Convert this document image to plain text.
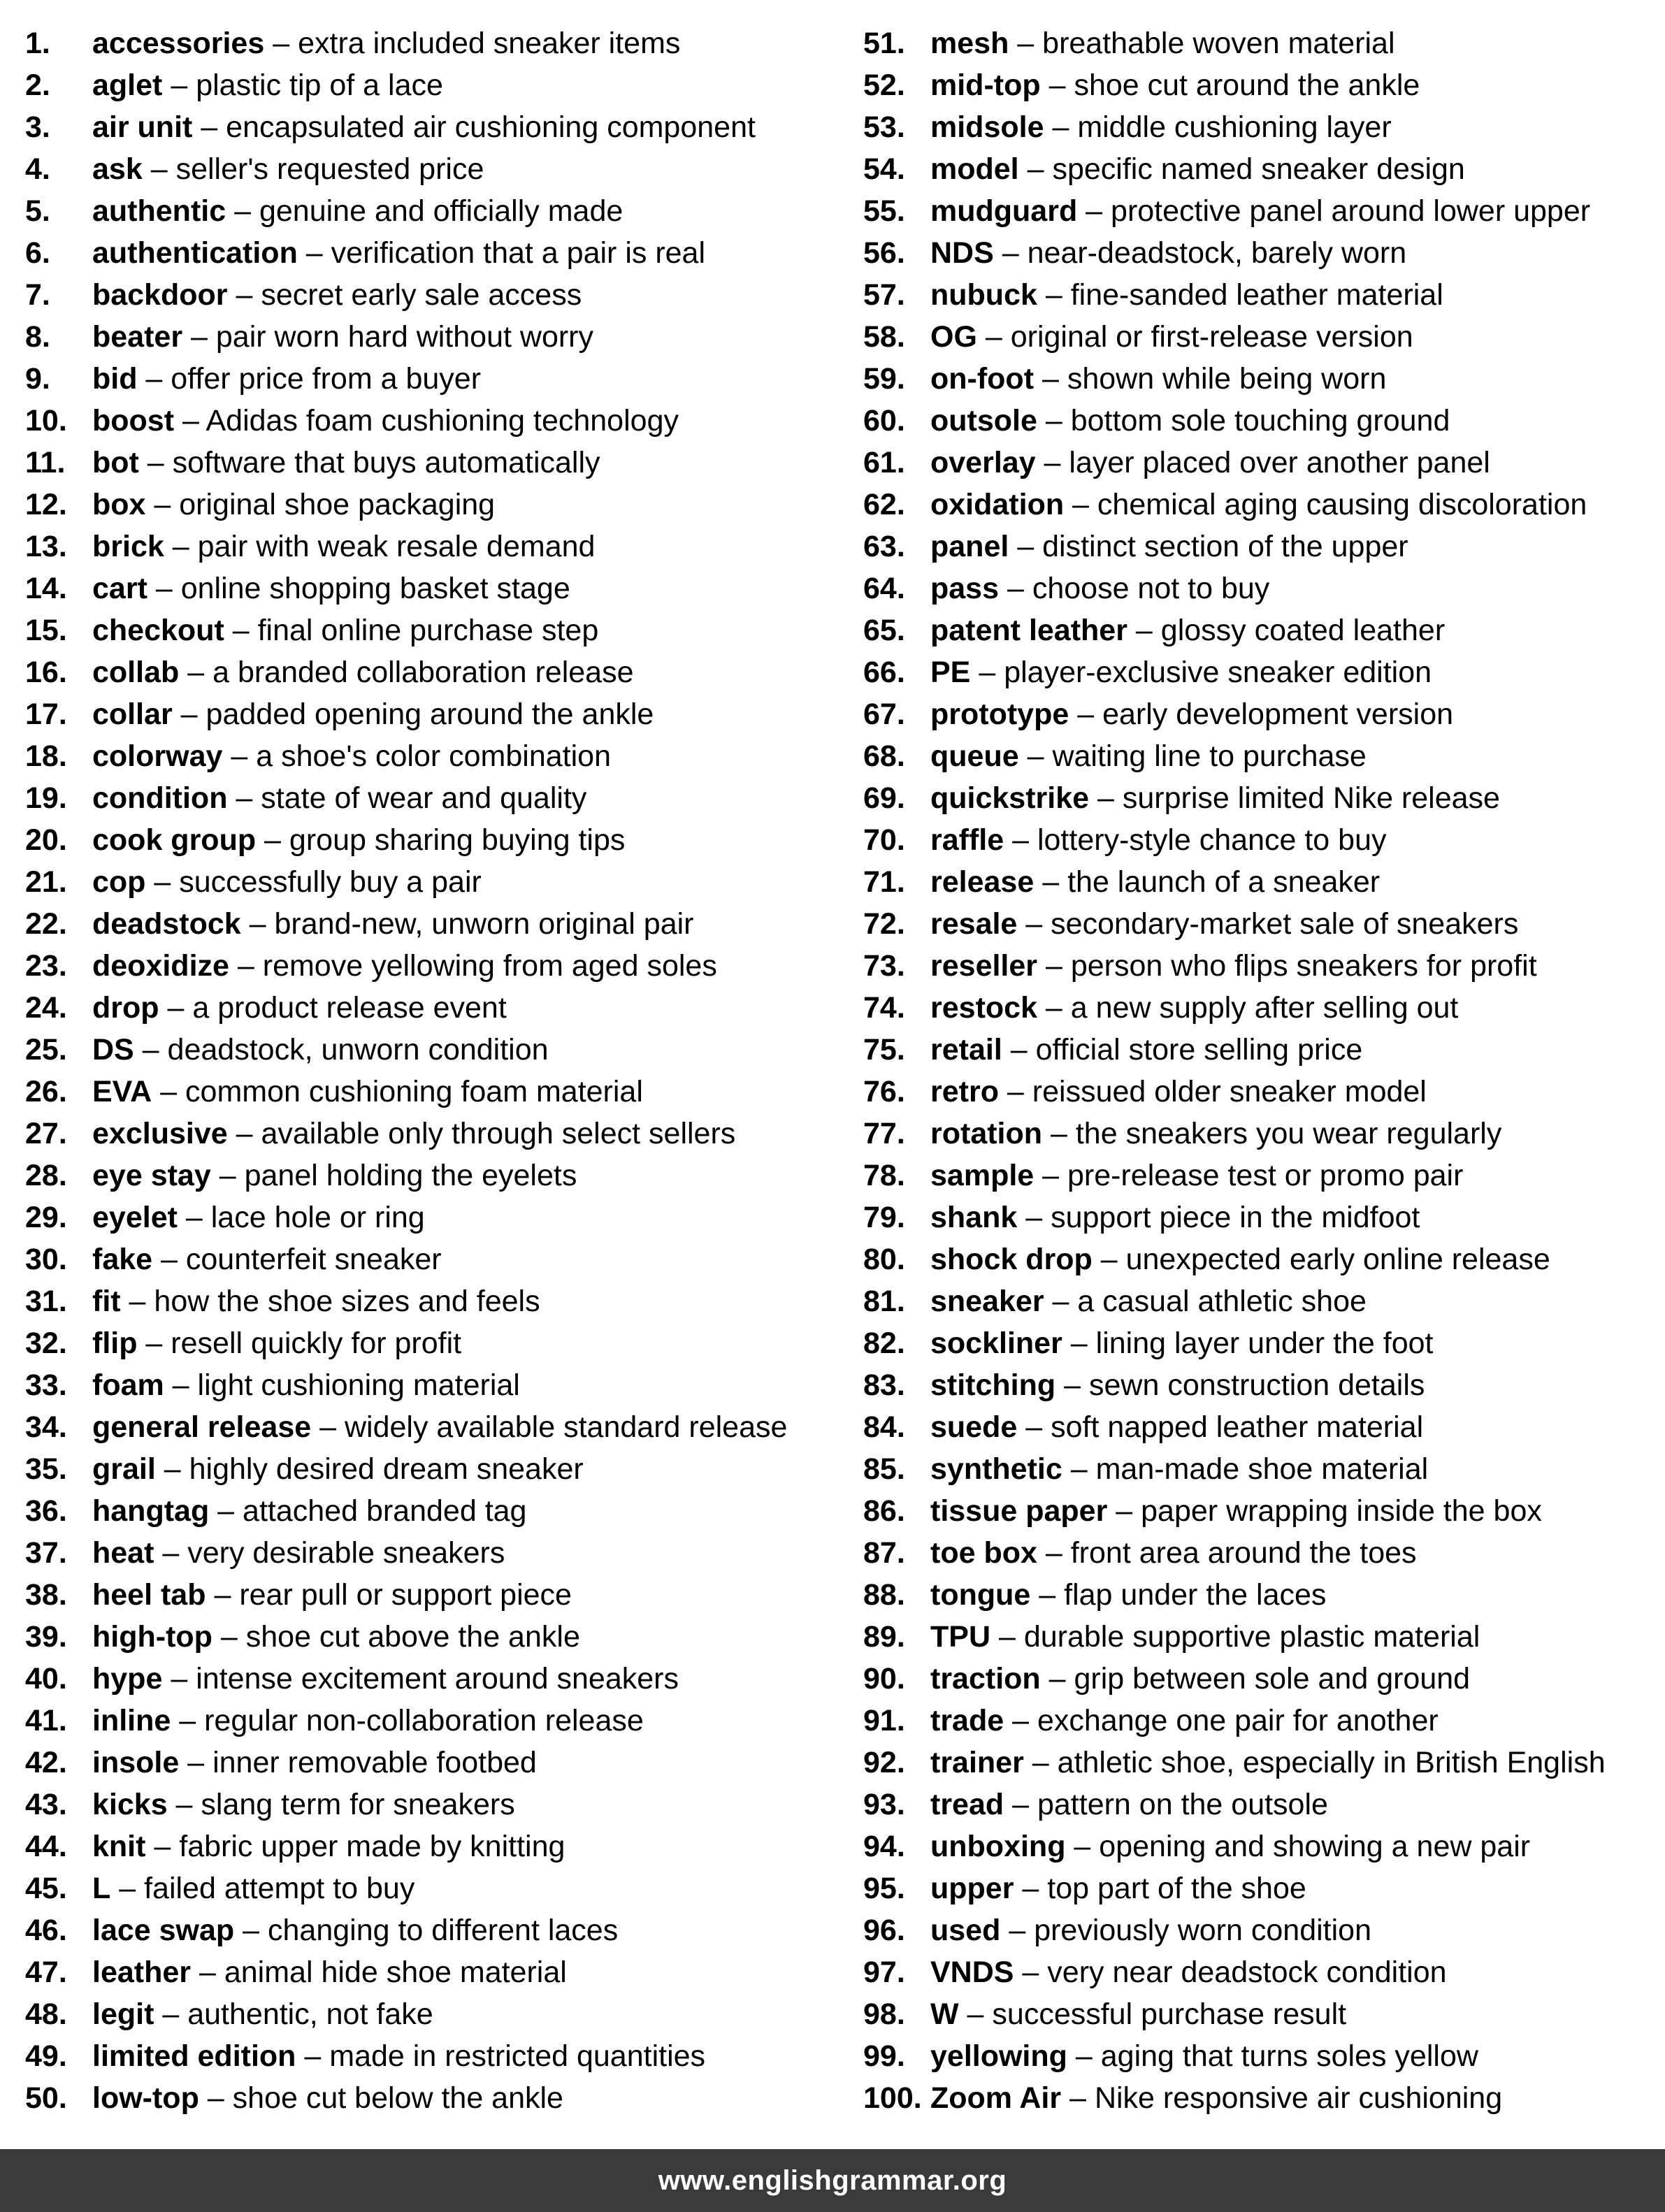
1. accessories – extra included sneaker items
2. aglet – plastic tip of a lace
3. air unit – encapsulated air cushioning component
4. ask – seller's requested price
5. authentic – genuine and officially made
6. authentication – verification that a pair is real
7. backdoor – secret early sale access
8. beater – pair worn hard without worry
9. bid – offer price from a buyer
10. boost – Adidas foam cushioning technology
11. bot – software that buys automatically
12. box – original shoe packaging
13. brick – pair with weak resale demand
14. cart – online shopping basket stage
15. checkout – final online purchase step
16. collab – a branded collaboration release
17. collar – padded opening around the ankle
18. colorway – a shoe's color combination
19. condition – state of wear and quality
20. cook group – group sharing buying tips
21. cop – successfully buy a pair
22. deadstock – brand-new, unworn original pair
23. deoxidize – remove yellowing from aged soles
24. drop – a product release event
25. DS – deadstock, unworn condition
26. EVA – common cushioning foam material
27. exclusive – available only through select sellers
28. eye stay – panel holding the eyelets
29. eyelet – lace hole or ring
30. fake – counterfeit sneaker
31. fit – how the shoe sizes and feels
32. flip – resell quickly for profit
33. foam – light cushioning material
34. general release – widely available standard release
35. grail – highly desired dream sneaker
36. hangtag – attached branded tag
37. heat – very desirable sneakers
38. heel tab – rear pull or support piece
39. high-top – shoe cut above the ankle
40. hype – intense excitement around sneakers
41. inline – regular non-collaboration release
42. insole – inner removable footbed
43. kicks – slang term for sneakers
44. knit – fabric upper made by knitting
45. L – failed attempt to buy
46. lace swap – changing to different laces
47. leather – animal hide shoe material
48. legit – authentic, not fake
49. limited edition – made in restricted quantities
50. low-top – shoe cut below the ankle
51. mesh – breathable woven material
52. mid-top – shoe cut around the ankle
53. midsole – middle cushioning layer
54. model – specific named sneaker design
55. mudguard – protective panel around lower upper
56. NDS – near-deadstock, barely worn
57. nubuck – fine-sanded leather material
58. OG – original or first-release version
59. on-foot – shown while being worn
60. outsole – bottom sole touching ground
61. overlay – layer placed over another panel
62. oxidation – chemical aging causing discoloration
63. panel – distinct section of the upper
64. pass – choose not to buy
65. patent leather – glossy coated leather
66. PE – player-exclusive sneaker edition
67. prototype – early development version
68. queue – waiting line to purchase
69. quickstrike – surprise limited Nike release
70. raffle – lottery-style chance to buy
71. release – the launch of a sneaker
72. resale – secondary-market sale of sneakers
73. reseller – person who flips sneakers for profit
74. restock – a new supply after selling out
75. retail – official store selling price
76. retro – reissued older sneaker model
77. rotation – the sneakers you wear regularly
78. sample – pre-release test or promo pair
79. shank – support piece in the midfoot
80. shock drop – unexpected early online release
81. sneaker – a casual athletic shoe
82. sockliner – lining layer under the foot
83. stitching – sewn construction details
84. suede – soft napped leather material
85. synthetic – man-made shoe material
86. tissue paper – paper wrapping inside the box
87. toe box – front area around the toes
88. tongue – flap under the laces
89. TPU – durable supportive plastic material
90. traction – grip between sole and ground
91. trade – exchange one pair for another
92. trainer – athletic shoe, especially in British English
93. tread – pattern on the outsole
94. unboxing – opening and showing a new pair
95. upper – top part of the shoe
96. used – previously worn condition
97. VNDS – very near deadstock condition
98. W – successful purchase result
99. yellowing – aging that turns soles yellow
100. Zoom Air – Nike responsive air cushioning
www.englishgrammar.org
